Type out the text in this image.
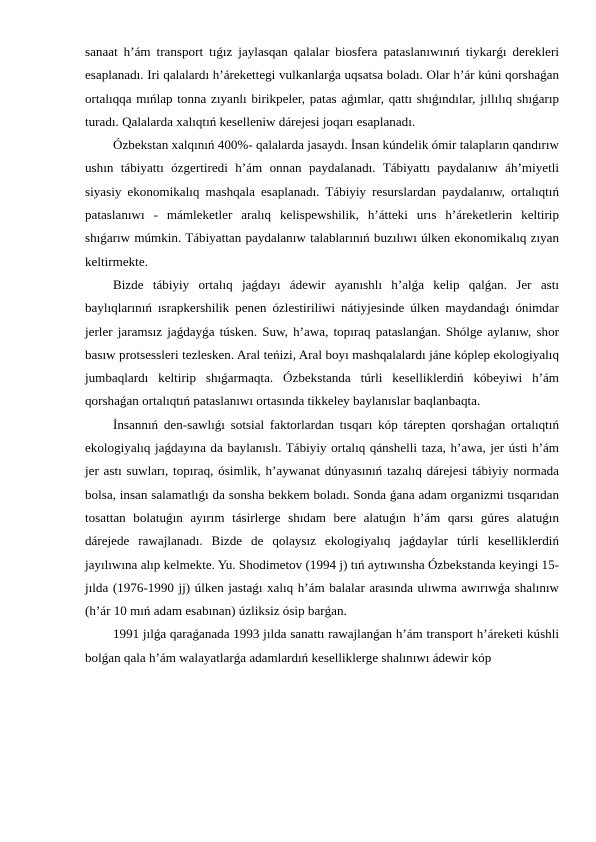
sanaat h’ám transport tıǵız jaylasqan qalalar biosfera pataslanıwınıń tiykarǵı derekleri esaplanadı. Iri qalalardı h’árekettegi vulkanlarǵa uqsatsa boladı. Olar h’ár kúni qorshaǵan ortalıqqa mıńlap tonna zıyanlı birikpeler, patas aǵımlar, qattı shıǵındılar, jıllılıq shıǵarıp turadı. Qalalarda xalıqtıń keselleniw dárejesi joqarı esaplanadı.

Ózbekstan xalqınıń 400%- qalalarda jasaydı. İnsan kúndelik ómir talapların qandırıw ushın tábiyattı ózgertiredi h’ám onnan paydalanadı. Tábiyattı paydalanıw áh’miyetli siyasiy ekonomikalıq mashqala esaplanadı. Tábiyiy resurslardan paydalanıw, ortalıqtıń pataslanıwı - mámleketler aralıq kelispewshilik, h’átteki urıs h’áreketlerin keltirip shıǵarıw múmkin. Tábiyattan paydalanıw talablarınıń buzılıwı úlken ekonomikalıq zıyan keltirmekte.

Bizde tábiyiy ortalıq jaǵdayı ádewir ayanıshlı h’alǵa kelip qalǵan. Jer astı baylıqlarınıń ısrapkershilik penen ózlestiriliwi nátiyjesinde úlken maydandaǵı ónimdar jerler jaramsız jaǵdayǵa túsken. Suw, h’awa, topıraq pataslanǵan. Shólge aylanıw, shor basıw protsessleri tezlesken. Aral teńizi, Aral boyı mashqalalardı jáne kóplep ekologiyalıq jumbaqlardı keltirip shıǵarmaqta. Ózbekstanda túrli keselliklerdiń kóbeyiwi h’ám qorshaǵan ortalıqtıń pataslanıwı ortasında tikkeley baylanıslar baqlanbaqta.

İnsannıń den-sawlıǵı sotsial faktorlardan tısqarı kóp tárepten qorshaǵan ortalıqtıń ekologiyalıq jaǵdayına da baylanıslı. Tábiyiy ortalıq qánshelli taza, h’awa, jer ústi h’ám jer astı suwları, topıraq, ósimlik, h’aywanat dúnyasınıń tazalıq dárejesi tábiyiy normada bolsa, insan salamatlıǵı da sonsha bekkem boladı. Sonda ǵana adam organizmi tısqarıdan tosattan bolatuǵın ayırım tásirlerge shıdam bere alatuǵın h’ám qarsı gúres alatuǵın dárejede rawajlanadı. Bizde de qolaysız ekologiyalıq jaǵdaylar túrli keselliklerdiń jayılıwına alıp kelmekte. Yu. Shodimetov (1994 j) tıń aytıwınsha Ózbekstanda keyingi 15-jılda (1976-1990 jj) úlken jastaǵı xalıq h’ám balalar arasında ulıwma awırıwǵa shalınıw (h’ár 10 mıń adam esabınan) úzliksiz ósip barǵan.

1991 jılǵa qaraǵanada 1993 jılda sanattı rawajlanǵan h’ám transport h’áreketi kúshli bolǵan qala h’ám walayatlarǵa adamlardıń keselliklerge shalınıwı ádewir kóp
